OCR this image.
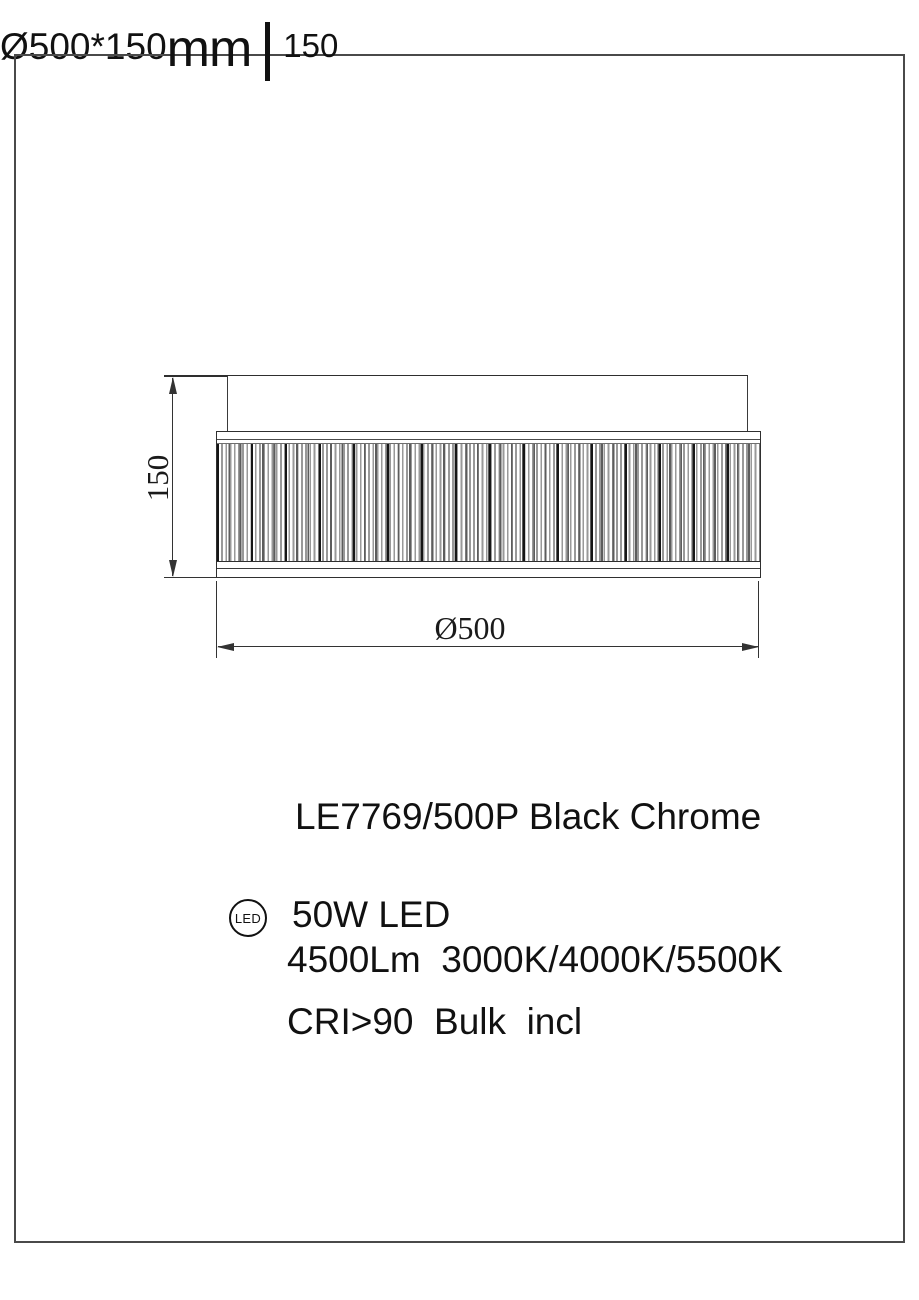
150
Ø500
LE7769/500P Black Chrome
Ø500*150 mm 150
LED 50W LED
4500Lm  3000K/4000K/5500K
CRI>90  Bulk  incl
